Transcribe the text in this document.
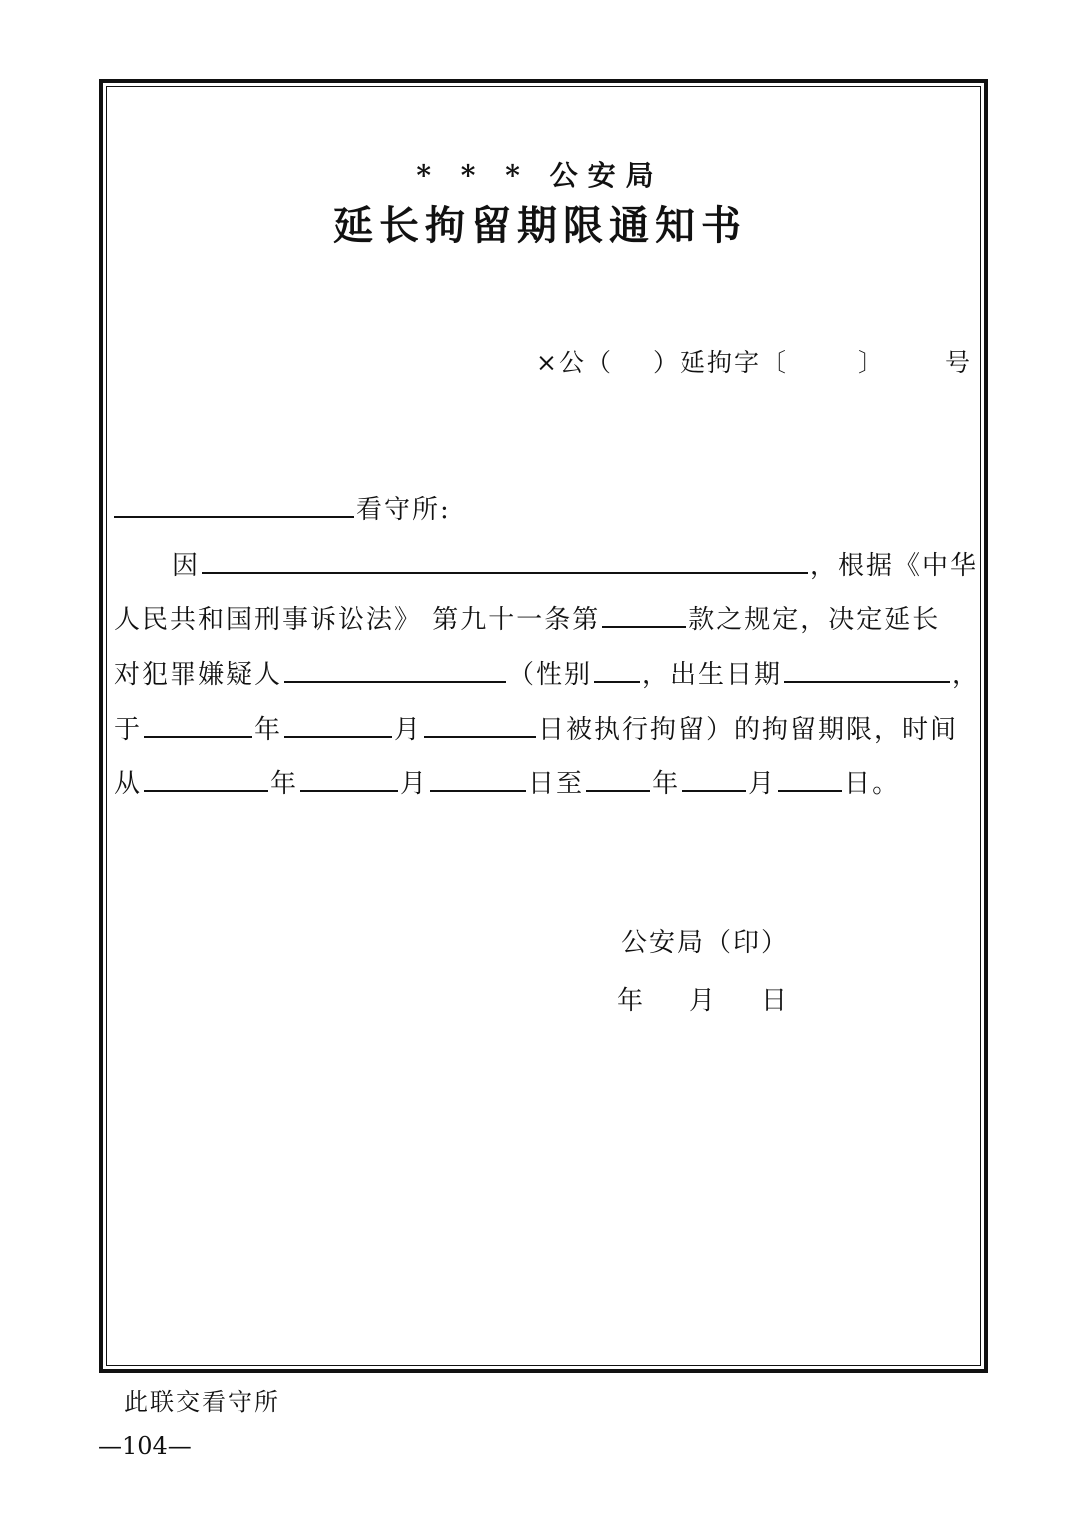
* * * 公安局
延长拘留期限通知书
×公（ ）延拘字〔	〕 号
看守所:
因	，根据《中华
人民共和国刑事诉讼法》 第九十一条第	款之规定，决定延长
对犯罪嫌疑人	（性别 ，出生日期	，
于	年	月	日被执行拘留）的拘留期限，时间
从	年	月	日至	年	月	日。
公安局（印）
年 月 日
此联交看守所
—104—
